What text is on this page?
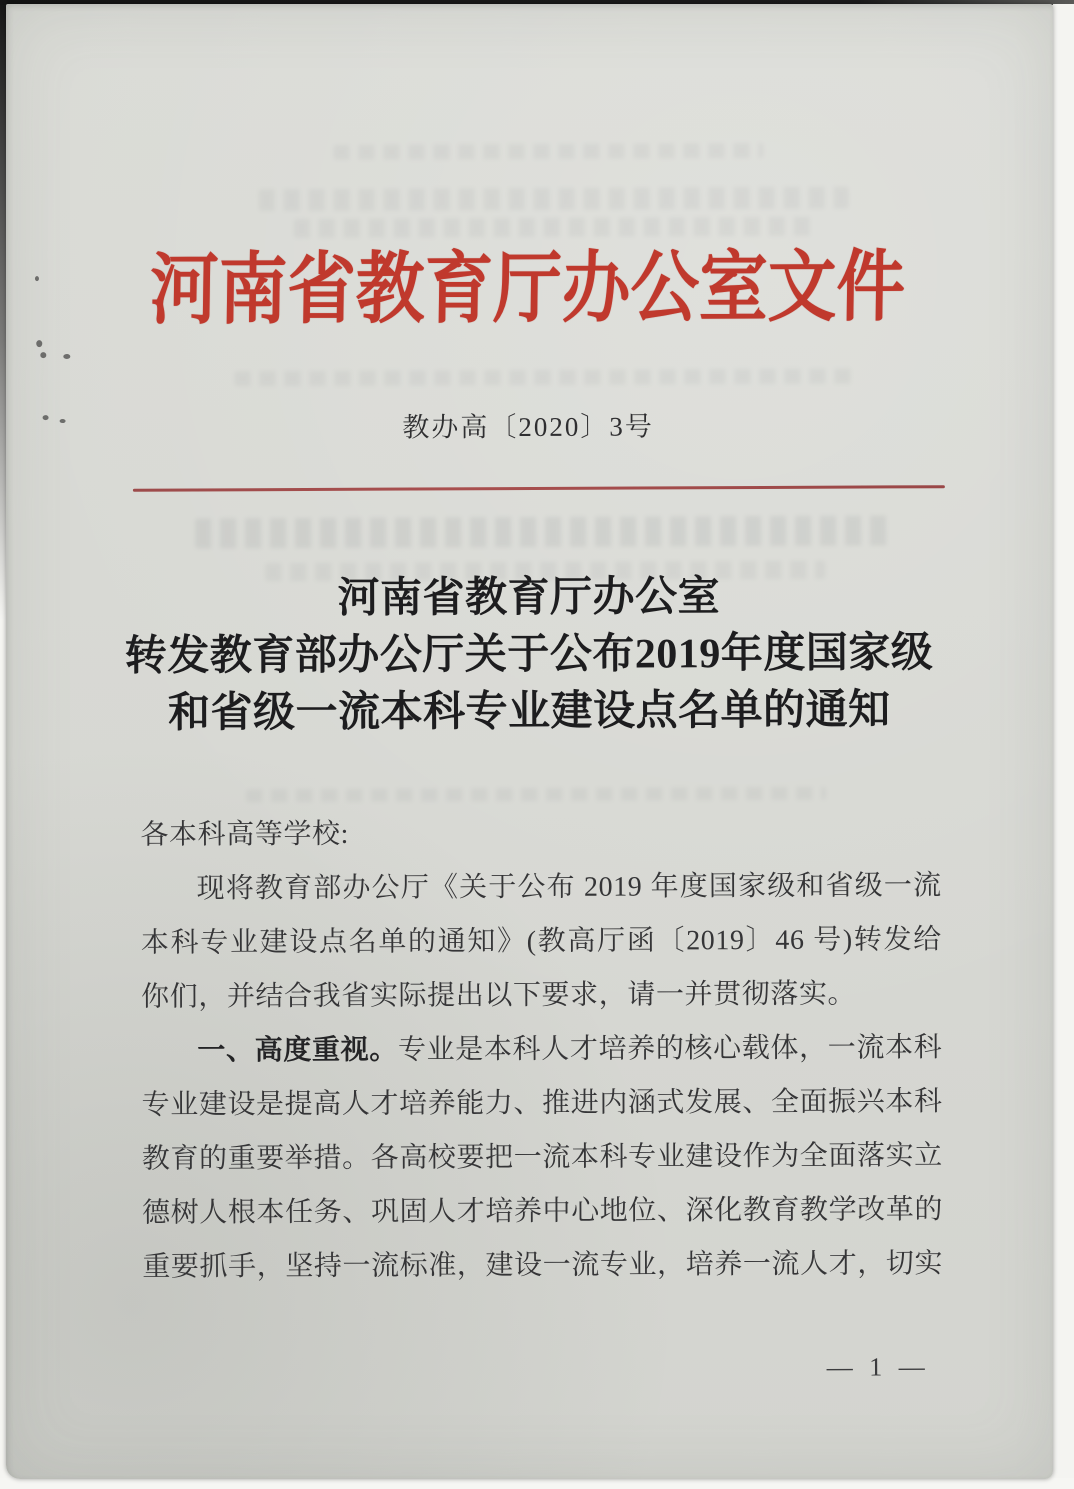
河南省教育厅办公室文件
教办高〔2020〕3号
河南省教育厅办公室
转发教育部办公厅关于公布2019年度国家级
和省级一流本科专业建设点名单的通知

各本科高等学校:

现将教育部办公厅《关于公布 2019 年度国家级和省级一流本科专业建设点名单的通知》(教高厅函〔2019〕46 号)转发给你们，并结合我省实际提出以下要求，请一并贯彻落实。

一、高度重视。专业是本科人才培养的核心载体，一流本科专业建设是提高人才培养能力、推进内涵式发展、全面振兴本科教育的重要举措。各高校要把一流本科专业建设作为全面落实立德树人根本任务、巩固人才培养中心地位、深化教育教学改革的重要抓手，坚持一流标准，建设一流专业，培养一流人才，切实

— 1 —
